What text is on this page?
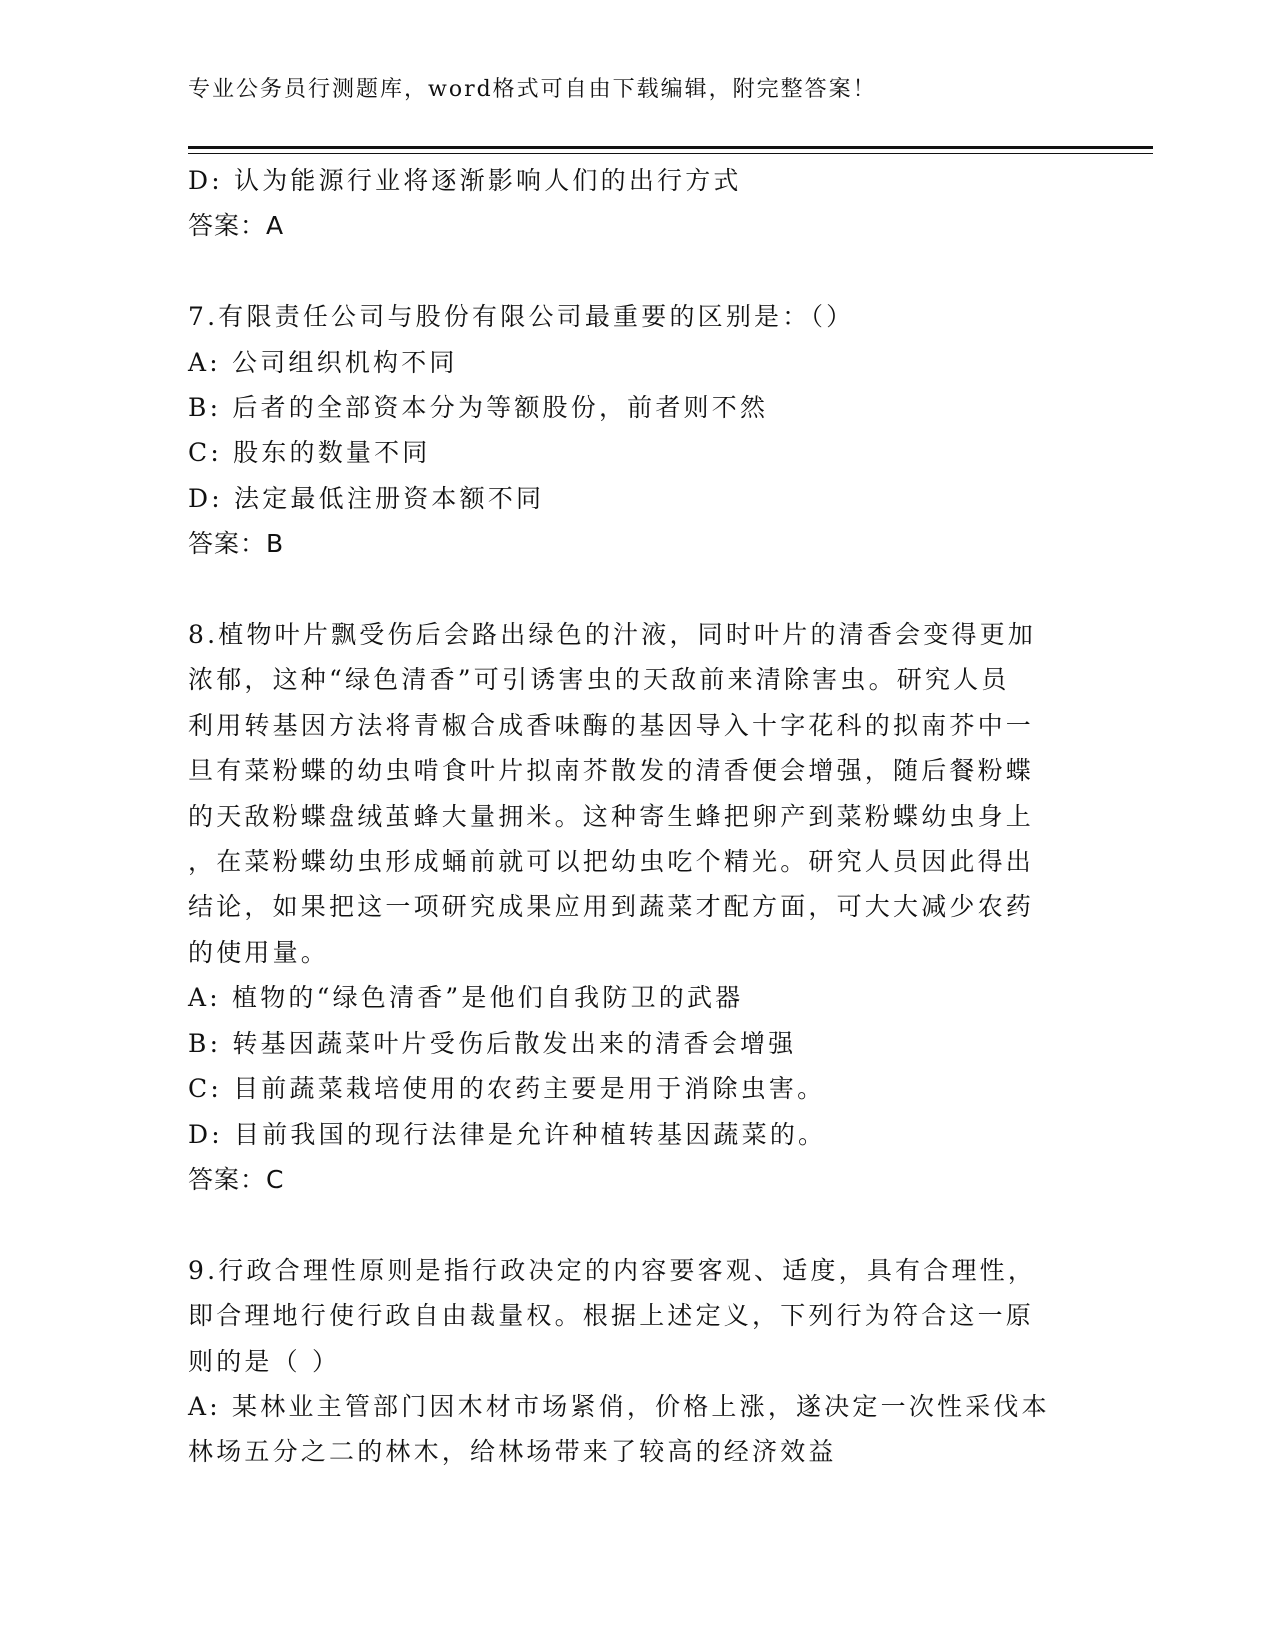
专业公务员行测题库，word格式可自由下载编辑，附完整答案！
D: 认为能源行业将逐渐影响人们的出行方式
答案：A
7.有限责任公司与股份有限公司最重要的区别是：（）
A: 公司组织机构不同
B: 后者的全部资本分为等额股份，前者则不然
C: 股东的数量不同
D: 法定最低注册资本额不同
答案：B
8.植物叶片飘受伤后会路出绿色的汁液，同时叶片的清香会变得更加
浓郁，这种“绿色清香”可引诱害虫的天敌前来清除害虫。研究人员
利用转基因方法将青椒合成香味酶的基因导入十字花科的拟南芥中一
旦有菜粉蝶的幼虫啃食叶片拟南芥散发的清香便会增强，随后餐粉蝶
的天敌粉蝶盘绒茧蜂大量拥米。这种寄生蜂把卵产到菜粉蝶幼虫身上
，在菜粉蝶幼虫形成蛹前就可以把幼虫吃个精光。研究人员因此得出
结论，如果把这一项研究成果应用到蔬菜才配方面，可大大减少农药
的使用量。
A: 植物的“绿色清香”是他们自我防卫的武器
B: 转基因蔬菜叶片受伤后散发出来的清香会增强
C: 目前蔬菜栽培使用的农药主要是用于消除虫害。
D: 目前我国的现行法律是允许种植转基因蔬菜的。
答案：C
9.行政合理性原则是指行政决定的内容要客观、适度，具有合理性，
即合理地行使行政自由裁量权。根据上述定义，下列行为符合这一原
则的是（ ）
A: 某林业主管部门因木材市场紧俏，价格上涨，遂决定一次性采伐本
林场五分之二的林木，给林场带来了较高的经济效益
